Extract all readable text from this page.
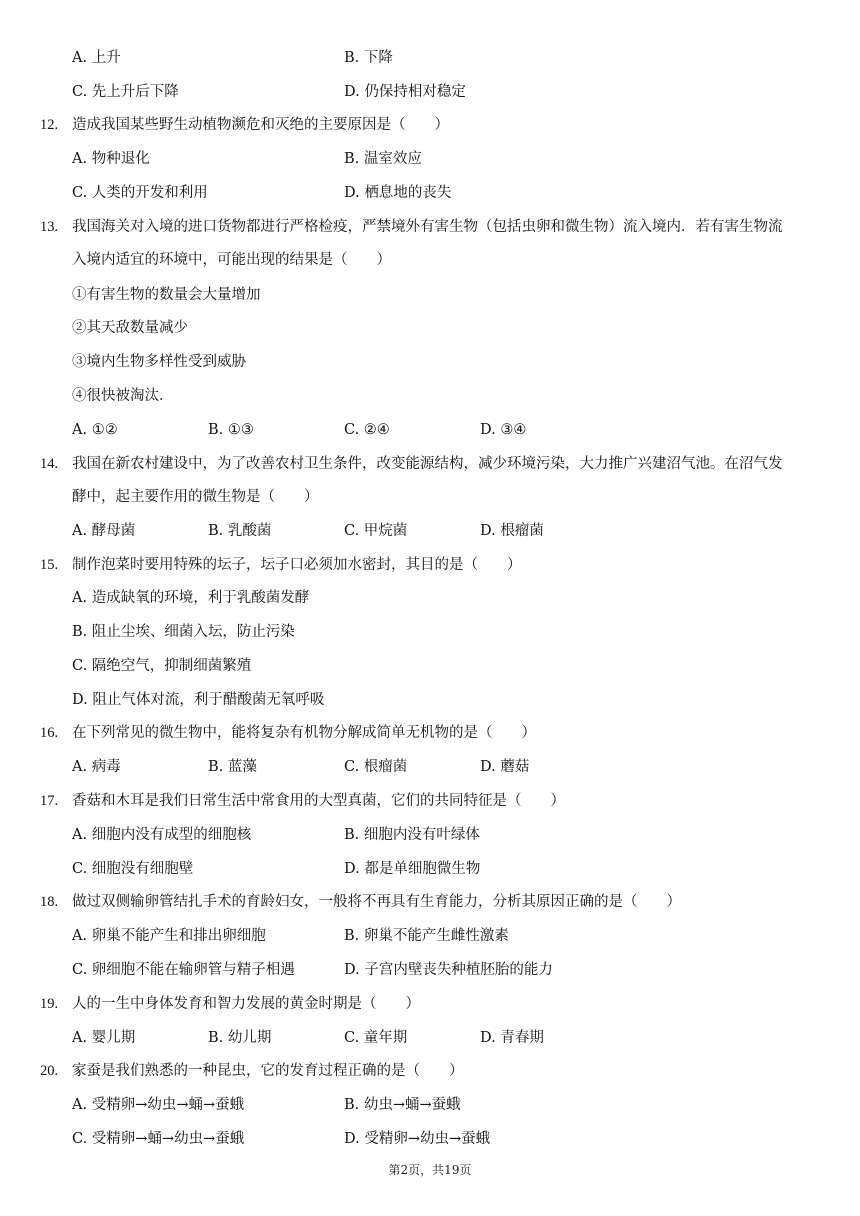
A. 上升	B. 下降
C. 先上升后下降	D. 仍保持相对稳定
12. 造成我国某些野生动植物濒危和灭绝的主要原因是（　　）
A. 物种退化	B. 温室效应
C. 人类的开发和利用	D. 栖息地的丧失
13. 我国海关对入境的进口货物都进行严格检疫，严禁境外有害生物（包括虫卵和微生物）流入境内．若有害生物流
入境内适宜的环境中，可能出现的结果是（　　）
①有害生物的数量会大量增加
②其天敌数量减少
③境内生物多样性受到威胁
④很快被淘汰．
A. ①②	B. ①③	C. ②④	D. ③④
14. 我国在新农村建设中，为了改善农村卫生条件，改变能源结构，减少环境污染，大力推广兴建沼气池。在沼气发
酵中，起主要作用的微生物是（　　）
A. 酵母菌	B. 乳酸菌	C. 甲烷菌	D. 根瘤菌
15. 制作泡菜时要用特殊的坛子，坛子口必须加水密封，其目的是（　　）
A. 造成缺氧的环境，利于乳酸菌发酵
B. 阻止尘埃、细菌入坛，防止污染
C. 隔绝空气，抑制细菌繁殖
D. 阻止气体对流，利于醋酸菌无氧呼吸
16. 在下列常见的微生物中，能将复杂有机物分解成简单无机物的是（　　）
A. 病毒	B. 蓝藻	C. 根瘤菌	D. 蘑菇
17. 香菇和木耳是我们日常生活中常食用的大型真菌，它们的共同特征是（　　）
A. 细胞内没有成型的细胞核	B. 细胞内没有叶绿体
C. 细胞没有细胞壁	D. 都是单细胞微生物
18. 做过双侧输卵管结扎手术的育龄妇女，一般将不再具有生育能力，分析其原因正确的是（　　）
A. 卵巢不能产生和排出卵细胞	B. 卵巢不能产生雌性激素
C. 卵细胞不能在输卵管与精子相遇	D. 子宫内壁丧失种植胚胎的能力
19. 人的一生中身体发育和智力发展的黄金时期是（　　）
A. 婴儿期	B. 幼儿期	C. 童年期	D. 青春期
20. 家蚕是我们熟悉的一种昆虫，它的发育过程正确的是（　　）
A. 受精卵→幼虫→蛹→蚕蛾	B. 幼虫→蛹→蚕蛾
C. 受精卵→蛹→幼虫→蚕蛾	D. 受精卵→幼虫→蚕蛾
第2页，共19页
